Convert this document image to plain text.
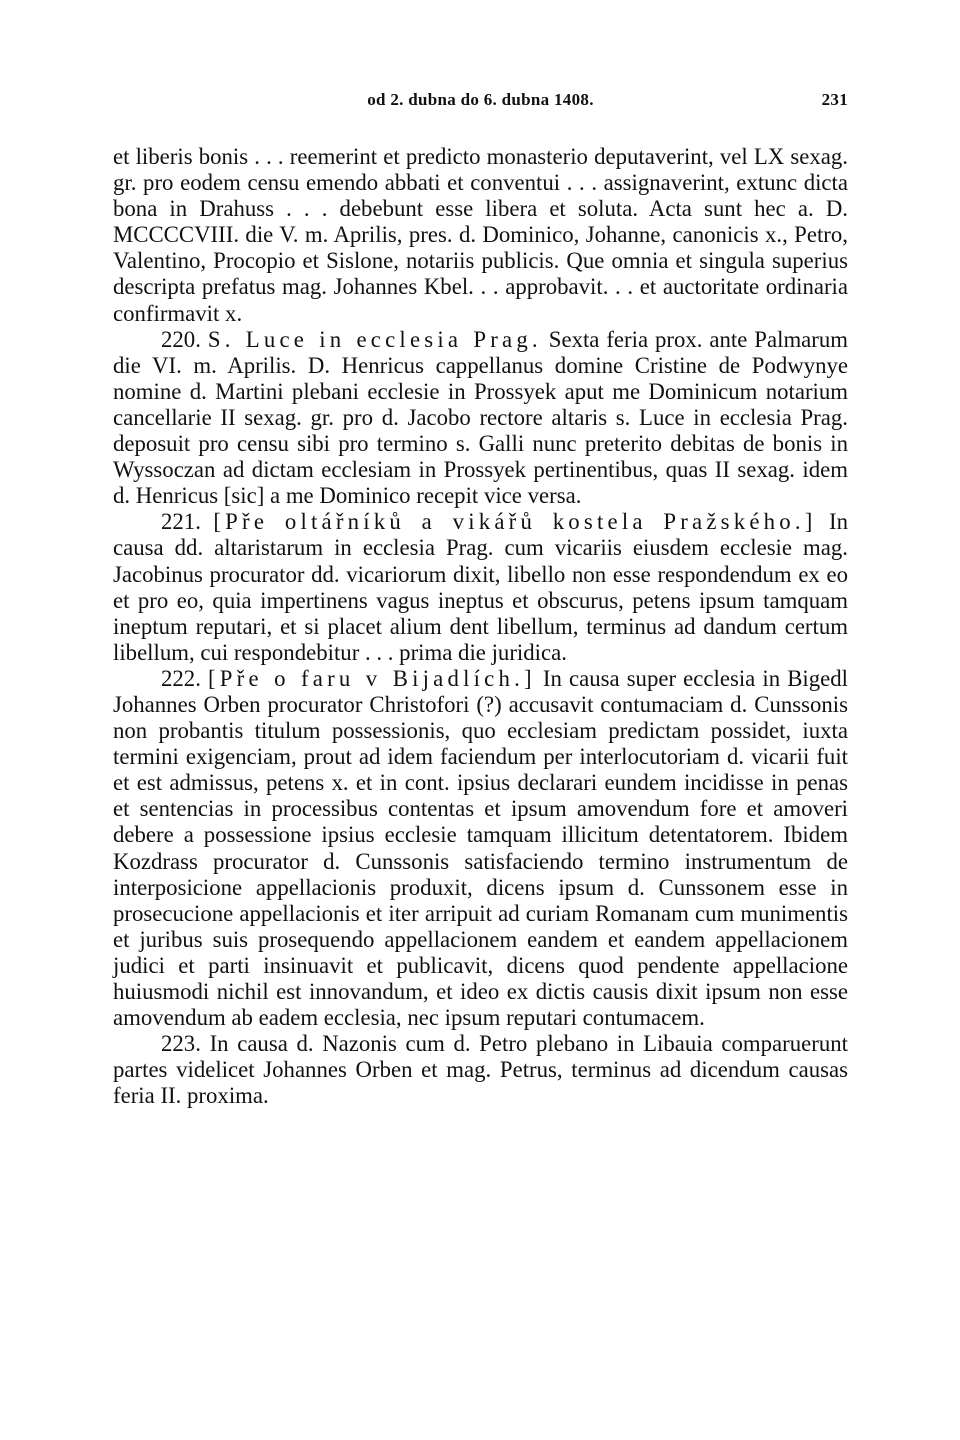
od 2. dubna do 6. dubna 1408.	231

et liberis bonis . . . reemerint et predicto monasterio deputaverint, vel LX sexag. gr. pro eodem censu emendo abbati et conventui . . . assignaverint, extunc dicta bona in Drahuss . . . debebunt esse libera et soluta. Acta sunt hec a. D. MCCCCVIII. die V. m. Aprilis, pres. d. Dominico, Johanne, canonicis x., Petro, Valentino, Procopio et Sislone, notariis publicis. Que omnia et singula superius descripta prefatus mag. Johannes Kbel. . . approbavit. . . et auctoritate ordinaria confirmavit x.

220. S. Luce in ecclesia Prag. Sexta feria prox. ante Palmarum die VI. m. Aprilis. D. Henricus cappellanus domine Cristine de Podwynye nomine d. Martini plebani ecclesie in Prossyek aput me Dominicum notarium cancellarie II sexag. gr. pro d. Jacobo rectore altaris s. Luce in ecclesia Prag. deposuit pro censu sibi pro termino s. Galli nunc preterito debitas de bonis in Wyssoczan ad dictam ecclesiam in Prossyek pertinentibus, quas II sexag. idem d. Henricus [sic] a me Dominico recepit vice versa.

221. [Pře oltářníků a vikářů kostela Pražského.] In causa dd. altaristarum in ecclesia Prag. cum vicariis eiusdem ecclesie mag. Jacobinus procurator dd. vicariorum dixit, libello non esse respondendum ex eo et pro eo, quia impertinens vagus ineptus et obscurus, petens ipsum tamquam ineptum reputari, et si placet alium dent libellum, terminus ad dandum certum libellum, cui respondebitur . . . prima die juridica.

222. [Pře o faru v Bijadlích.] In causa super ecclesia in Bigedl Johannes Orben procurator Christofori (?) accusavit contumaciam d. Cunssonis non probantis titulum possessionis, quo ecclesiam predictam possidet, iuxta termini exigenciam, prout ad idem faciendum per interlocutoriam d. vicarii fuit et est admissus, petens x. et in cont. ipsius declarari eundem incidisse in penas et sentencias in processibus contentas et ipsum amovendum fore et amoveri debere a possessione ipsius ecclesie tamquam illicitum detentatorem. Ibidem Kozdrass procurator d. Cunssonis satisfaciendo termino instrumentum de interposicione appellacionis produxit, dicens ipsum d. Cunssonem esse in prosecucione appellacionis et iter arripuit ad curiam Romanam cum munimentis et juribus suis prosequendo appellacionem eandem et eandem appellacionem judici et parti insinuavit et publicavit, dicens quod pendente appellacione huiusmodi nichil est innovandum, et ideo ex dictis causis dixit ipsum non esse amovendum ab eadem ecclesia, nec ipsum reputari contumacem.

223. In causa d. Nazonis cum d. Petro plebano in Libauia comparuerunt partes videlicet Johannes Orben et mag. Petrus, terminus ad dicendum causas feria II. proxima.
